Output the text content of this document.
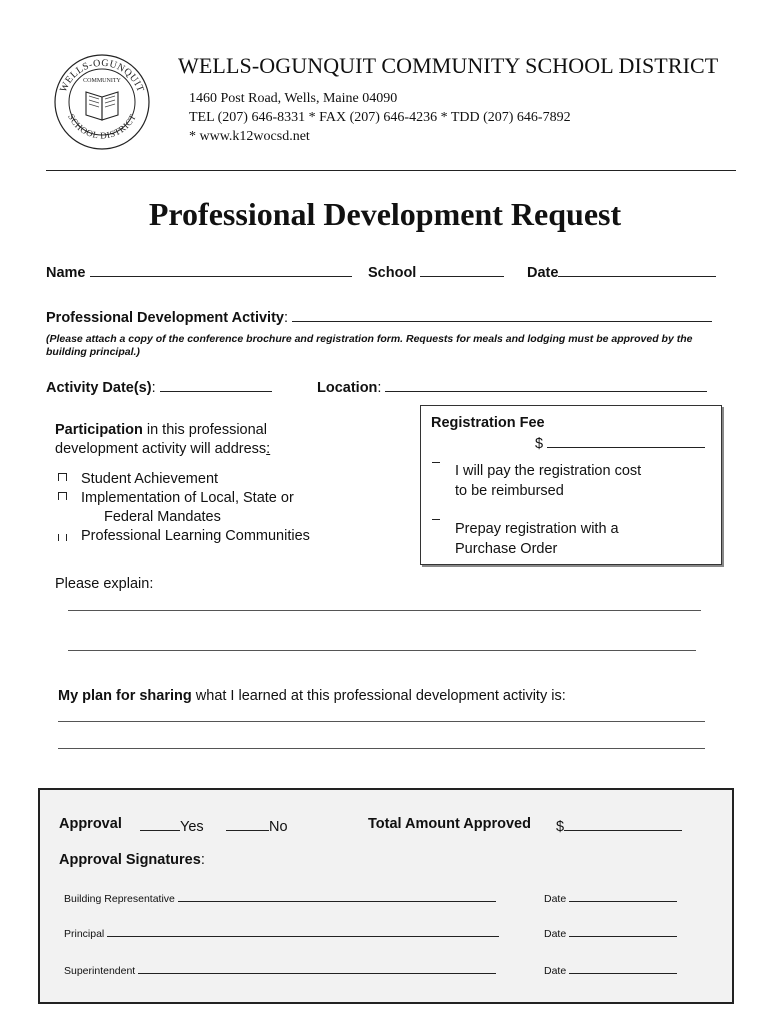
WELLS-OGUNQUIT
COMMUNITY
SCHOOL DISTRICT
WELLS-OGUNQUIT COMMUNITY SCHOOL DISTRICT
1460 Post Road, Wells, Maine 04090
TEL (207) 646-8331 * FAX (207) 646-4236 * TDD (207) 646-7892
* www.k12wocsd.net
Professional Development Request
Name	School	Date
Professional Development Activity:
(Please attach a copy of the conference brochure and registration form. Requests for meals and lodging must be approved by the building principal.)
Activity Date(s):	Location:
Participation in this professional
development activity will address:
Student Achievement
Implementation of Local, State or
Federal Mandates
Professional Learning Communities
Registration Fee
$
I will pay the registration cost
to be reimbursed
Prepay registration with a
Purchase Order
Please explain:
My plan for sharing what I learned at this professional development activity is:
Approval	Yes	No	Total Amount Approved $
Approval Signatures:
Building Representative	Date
Principal	Date
Superintendent	Date
